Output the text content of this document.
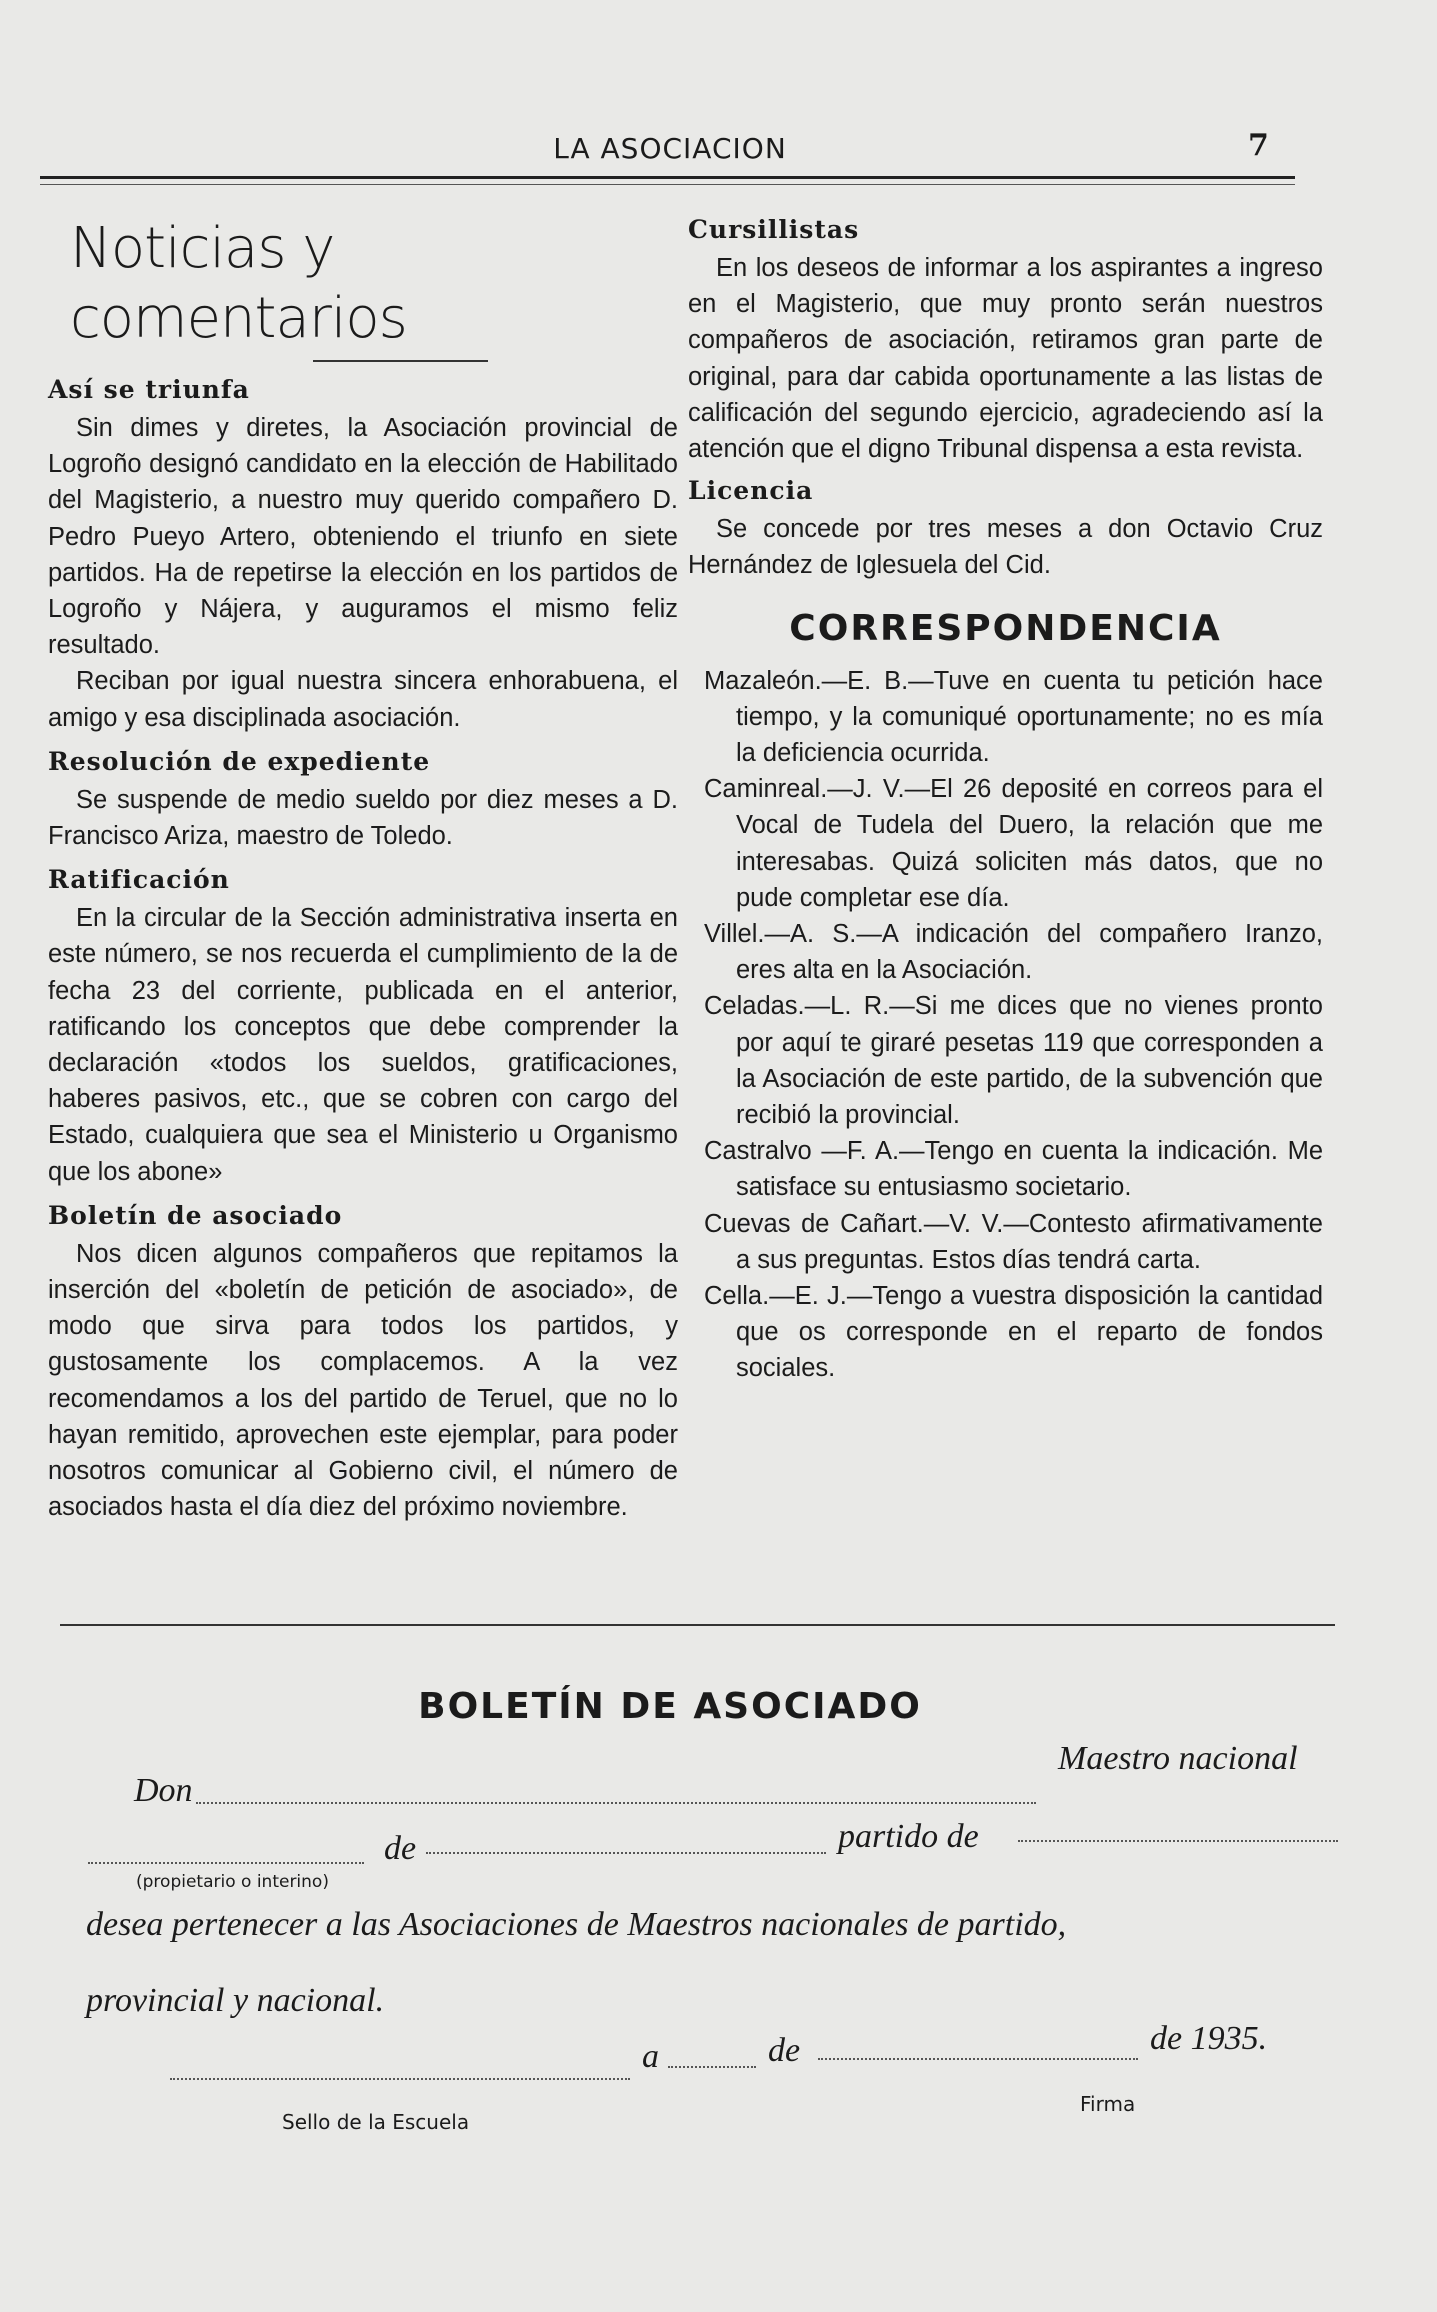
LA ASOCIACION	7
Noticias y comentarios
Así se triunfa

Sin dimes y diretes, la Asociación provincial de Logroño designó candidato en la elección de Habilitado del Magisterio, a nuestro muy querido compañero D. Pedro Pueyo Artero, obteniendo el triunfo en siete partidos. Ha de repetirse la elección en los partidos de Logroño y Nájera, y auguramos el mismo feliz resultado.

Reciban por igual nuestra sincera enhorabuena, el amigo y esa disciplinada asociación.

Resolución de expediente

Se suspende de medio sueldo por diez meses a D. Francisco Ariza, maestro de Toledo.

Ratificación

En la circular de la Sección administrativa inserta en este número, se nos recuerda el cumplimiento de la de fecha 23 del corriente, publicada en el anterior, ratificando los conceptos que debe comprender la declaración «todos los sueldos, gratificaciones, haberes pasivos, etc., que se cobren con cargo del Estado, cualquiera que sea el Ministerio u Organismo que los abone»

Boletín de asociado

Nos dicen algunos compañeros que repitamos la inserción del «boletín de petición de asociado», de modo que sirva para todos los partidos, y gustosamente los complacemos. A la vez recomendamos a los del partido de Teruel, que no lo hayan remitido, aprovechen este ejemplar, para poder nosotros comunicar al Gobierno civil, el número de asociados hasta el día diez del próximo noviembre.

Cursillistas

En los deseos de informar a los aspirantes a ingreso en el Magisterio, que muy pronto serán nuestros compañeros de asociación, retiramos gran parte de original, para dar cabida oportunamente a las listas de calificación del segundo ejercicio, agradeciendo así la atención que el digno Tribunal dispensa a esta revista.

Licencia

Se concede por tres meses a don Octavio Cruz Hernández de Iglesuela del Cid.

CORRESPONDENCIA

Mazaleón.—E. B.—Tuve en cuenta tu petición hace tiempo, y la comuniqué oportunamente; no es mía la deficiencia ocurrida.

Caminreal.—J. V.—El 26 deposité en correos para el Vocal de Tudela del Duero, la relación que me interesabas. Quizá soliciten más datos, que no pude completar ese día.

Villel.—A. S.—A indicación del compañero Iranzo, eres alta en la Asociación.

Celadas.—L. R.—Si me dices que no vienes pronto por aquí te giraré pesetas 119 que corresponden a la Asociación de este partido, de la subvención que recibió la provincial.

Castralvo —F. A.—Tengo en cuenta la indicación. Me satisface su entusiasmo societario.

Cuevas de Cañart.—V. V.—Contesto afirmativamente a sus preguntas. Estos días tendrá carta.

Cella.—E. J.—Tengo a vuestra disposición la cantidad que os corresponde en el reparto de fondos sociales.

BOLETÍN DE ASOCIADO
Don
Maestro nacional
(propietario o interino)
de	partido de
desea pertenecer a las Asociaciones de Maestros nacionales de partido,
provincial y nacional.
a	de	de 1935.
Firma
Sello de la Escuela
